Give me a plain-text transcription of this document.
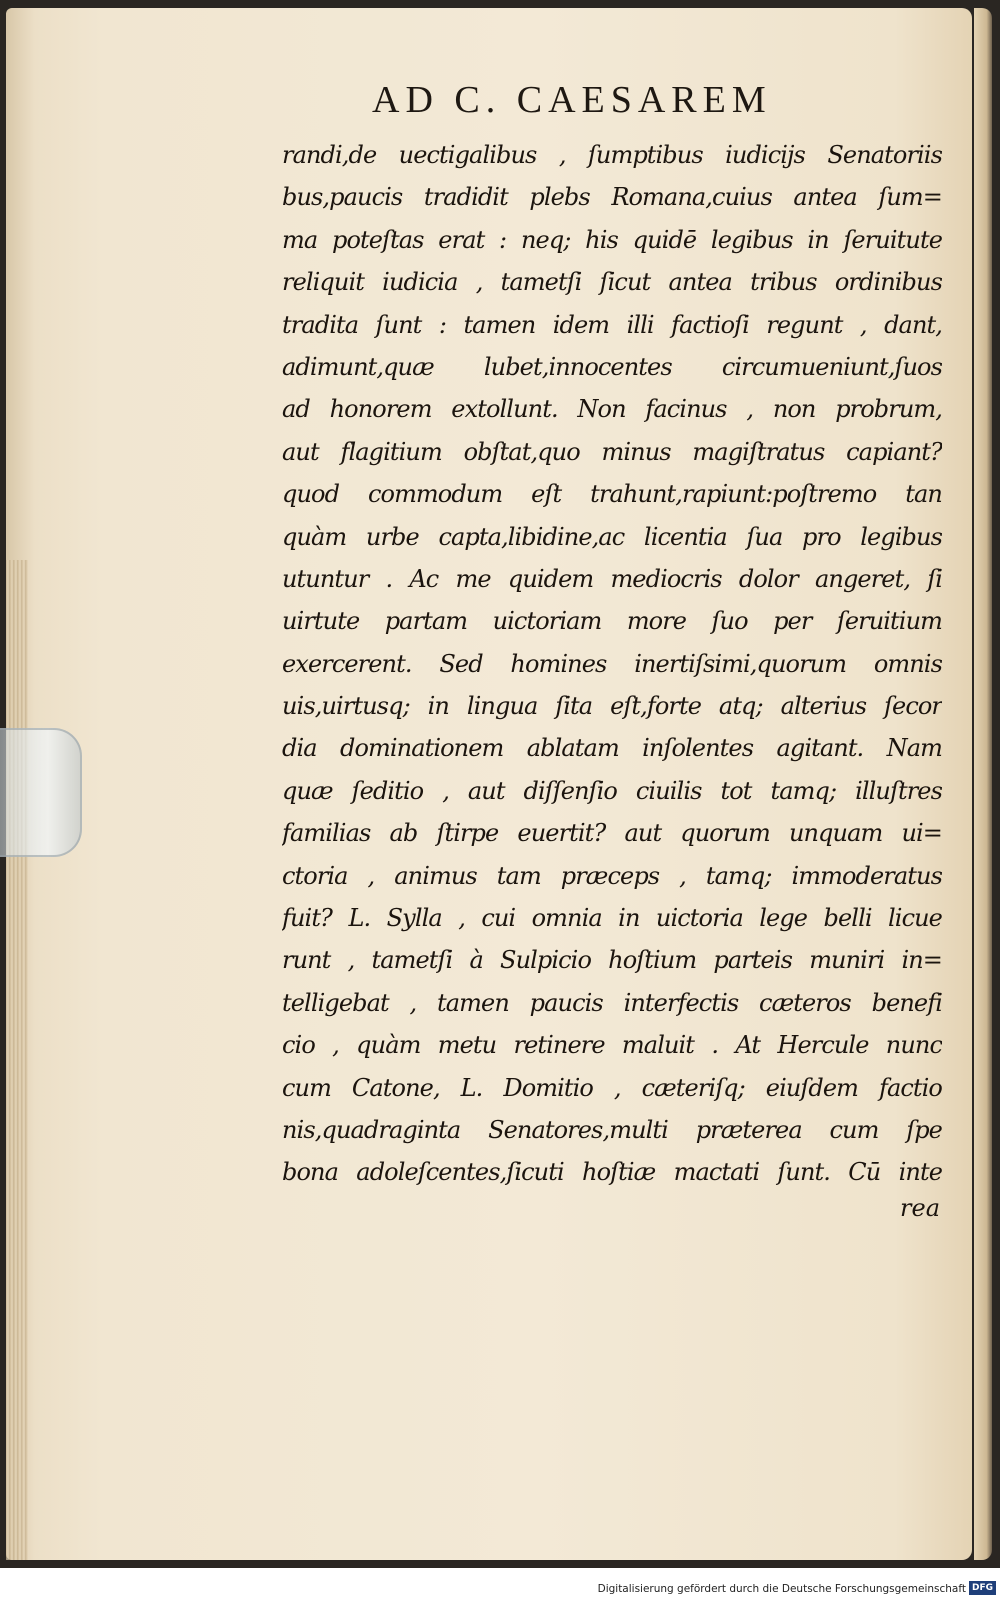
AD C. CAESAREM
randi,de uectigalibus , ſumptibus iudicijs Senatoriis
bus,paucis tradidit plebs Romana,cuius antea ſum=
ma poteſtas erat : neq; his quidē legibus in ſeruitute
reliquit iudicia , tametſi ſicut antea tribus ordinibus
tradita ſunt : tamen idem illi factioſi regunt , dant,
adimunt,quæ lubet,innocentes circumueniunt,ſuos
ad honorem extollunt. Non facinus , non probrum,
aut flagitium obſtat,quo minus magiſtratus capiant?
quod commodum eſt trahunt,rapiunt:poſtremo tan
quàm urbe capta,libidine,ac licentia ſua pro legibus
utuntur . Ac me quidem mediocris dolor angeret, ſi
uirtute partam uictoriam more ſuo per ſeruitium
exercerent. Sed homines inertiſsimi,quorum omnis
uis,uirtusq; in lingua ſita eſt,forte atq; alterius ſecor
dia dominationem ablatam inſolentes agitant. Nam
quæ ſeditio , aut diſſenſio ciuilis tot tamq; illuſtres
familias ab ſtirpe euertit? aut quorum unquam ui=
ctoria , animus tam præceps , tamq; immoderatus
fuit? L. Sylla , cui omnia in uictoria lege belli licue
runt , tametſi à Sulpicio hoſtium parteis muniri in=
telligebat , tamen paucis interfectis cæteros benefi
cio , quàm metu retinere maluit . At Hercule nunc
cum Catone, L. Domitio , cæteriſq; eiuſdem factio
nis,quadraginta Senatores,multi præterea cum ſpe
bona adoleſcentes,ſicuti hoſtiæ mactati ſunt. Cū inte
rea
Digitalisierung gefördert durch die Deutsche Forschungsgemeinschaft DFG
